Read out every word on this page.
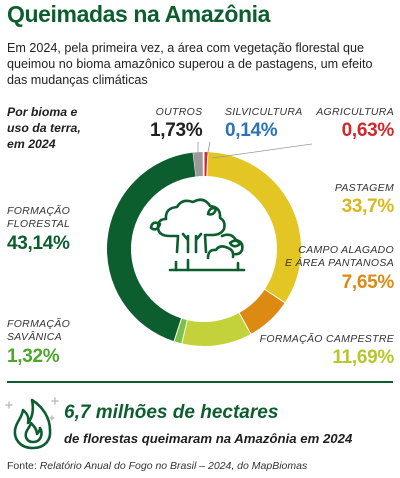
Queimadas na Amazônia
Em 2024, pela primeira vez, a área com vegetação florestal que queimou no bioma amazônico superou a de pastagens, um efeito das mudanças climáticas
Por bioma e uso da terra, em 2024
OUTROS
1,73%
SILVICULTURA
0,14%
AGRICULTURA
0,63%
PASTAGEM
33,7%
CAMPO ALAGADO
E ÁREA PANTANOSA
7,65%
FORMAÇÃO CAMPESTRE
11,69%
FORMAÇÃO
SAVÂNICA
1,32%
FORMAÇÃO
FLORESTAL
43,14%
6,7 milhões de hectares
de florestas queimaram na Amazônia em 2024
Fonte: Relatório Anual do Fogo no Brasil – 2024, do MapBiomas
